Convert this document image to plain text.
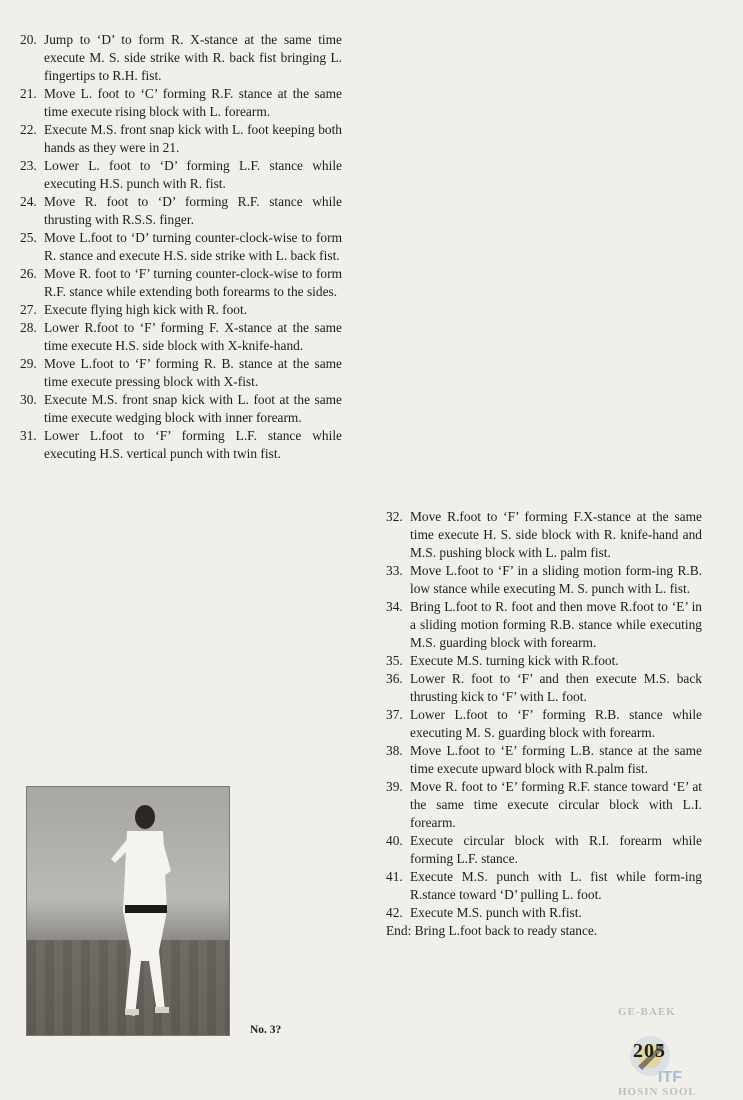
20. Jump to ‘D’ to form R. X-stance at the same time execute M. S. side strike with R. back fist bringing L. fingertips to R.H. fist.
21. Move L. foot to ‘C’ forming R.F. stance at the same time execute rising block with L. forearm.
22. Execute M.S. front snap kick with L. foot keeping both hands as they were in 21.
23. Lower L. foot to ‘D’ forming L.F. stance while executing H.S. punch with R. fist.
24. Move R. foot to ‘D’ forming R.F. stance while thrusting with R.S.S. finger.
25. Move L.foot to ‘D’ turning counter-clock-wise to form R. stance and execute H.S. side strike with L. back fist.
26. Move R. foot to ‘F’ turning counter-clock-wise to form R.F. stance while extending both forearms to the sides.
27. Execute flying high kick with R. foot.
28. Lower R.foot to ‘F’ forming F. X-stance at the same time execute H.S. side block with X-knife-hand.
29. Move L.foot to ‘F’ forming R. B. stance at the same time execute pressing block with X-fist.
30. Execute M.S. front snap kick with L. foot at the same time execute wedging block with inner forearm.
31. Lower L.foot to ‘F’ forming L.F. stance while executing H.S. vertical punch with twin fist.
32. Move R.foot to ‘F’ forming F.X-stance at the same time execute H. S. side block with R. knife-hand and M.S. pushing block with L. palm fist.
33. Move L.foot to ‘F’ in a sliding motion form-ing R.B. low stance while executing M. S. punch with L. fist.
34. Bring L.foot to R. foot and then move R.foot to ‘E’ in a sliding motion forming R.B. stance while executing M.S. guarding block with forearm.
35. Execute M.S. turning kick with R.foot.
36. Lower R. foot to ‘F’ and then execute M.S. back thrusting kick to ‘F’ with L. foot.
37. Lower L.foot to ‘F’ forming R.B. stance while executing M. S. guarding block with forearm.
38. Move L.foot to ‘E’ forming L.B. stance at the same time execute upward block with R.palm fist.
39. Move R. foot to ‘E’ forming R.F. stance toward ‘E’ at the same time execute circular block with L.I. forearm.
40. Execute circular block with R.I. forearm while forming L.F. stance.
41. Execute M.S. punch with L. fist while form-ing R.stance toward ‘D’ pulling L. foot.
42. Execute M.S. punch with R.fist.
End: Bring L.foot back to ready stance.
No. 3?
GE-BAEK
ITF
HOSIN SOOL
205
